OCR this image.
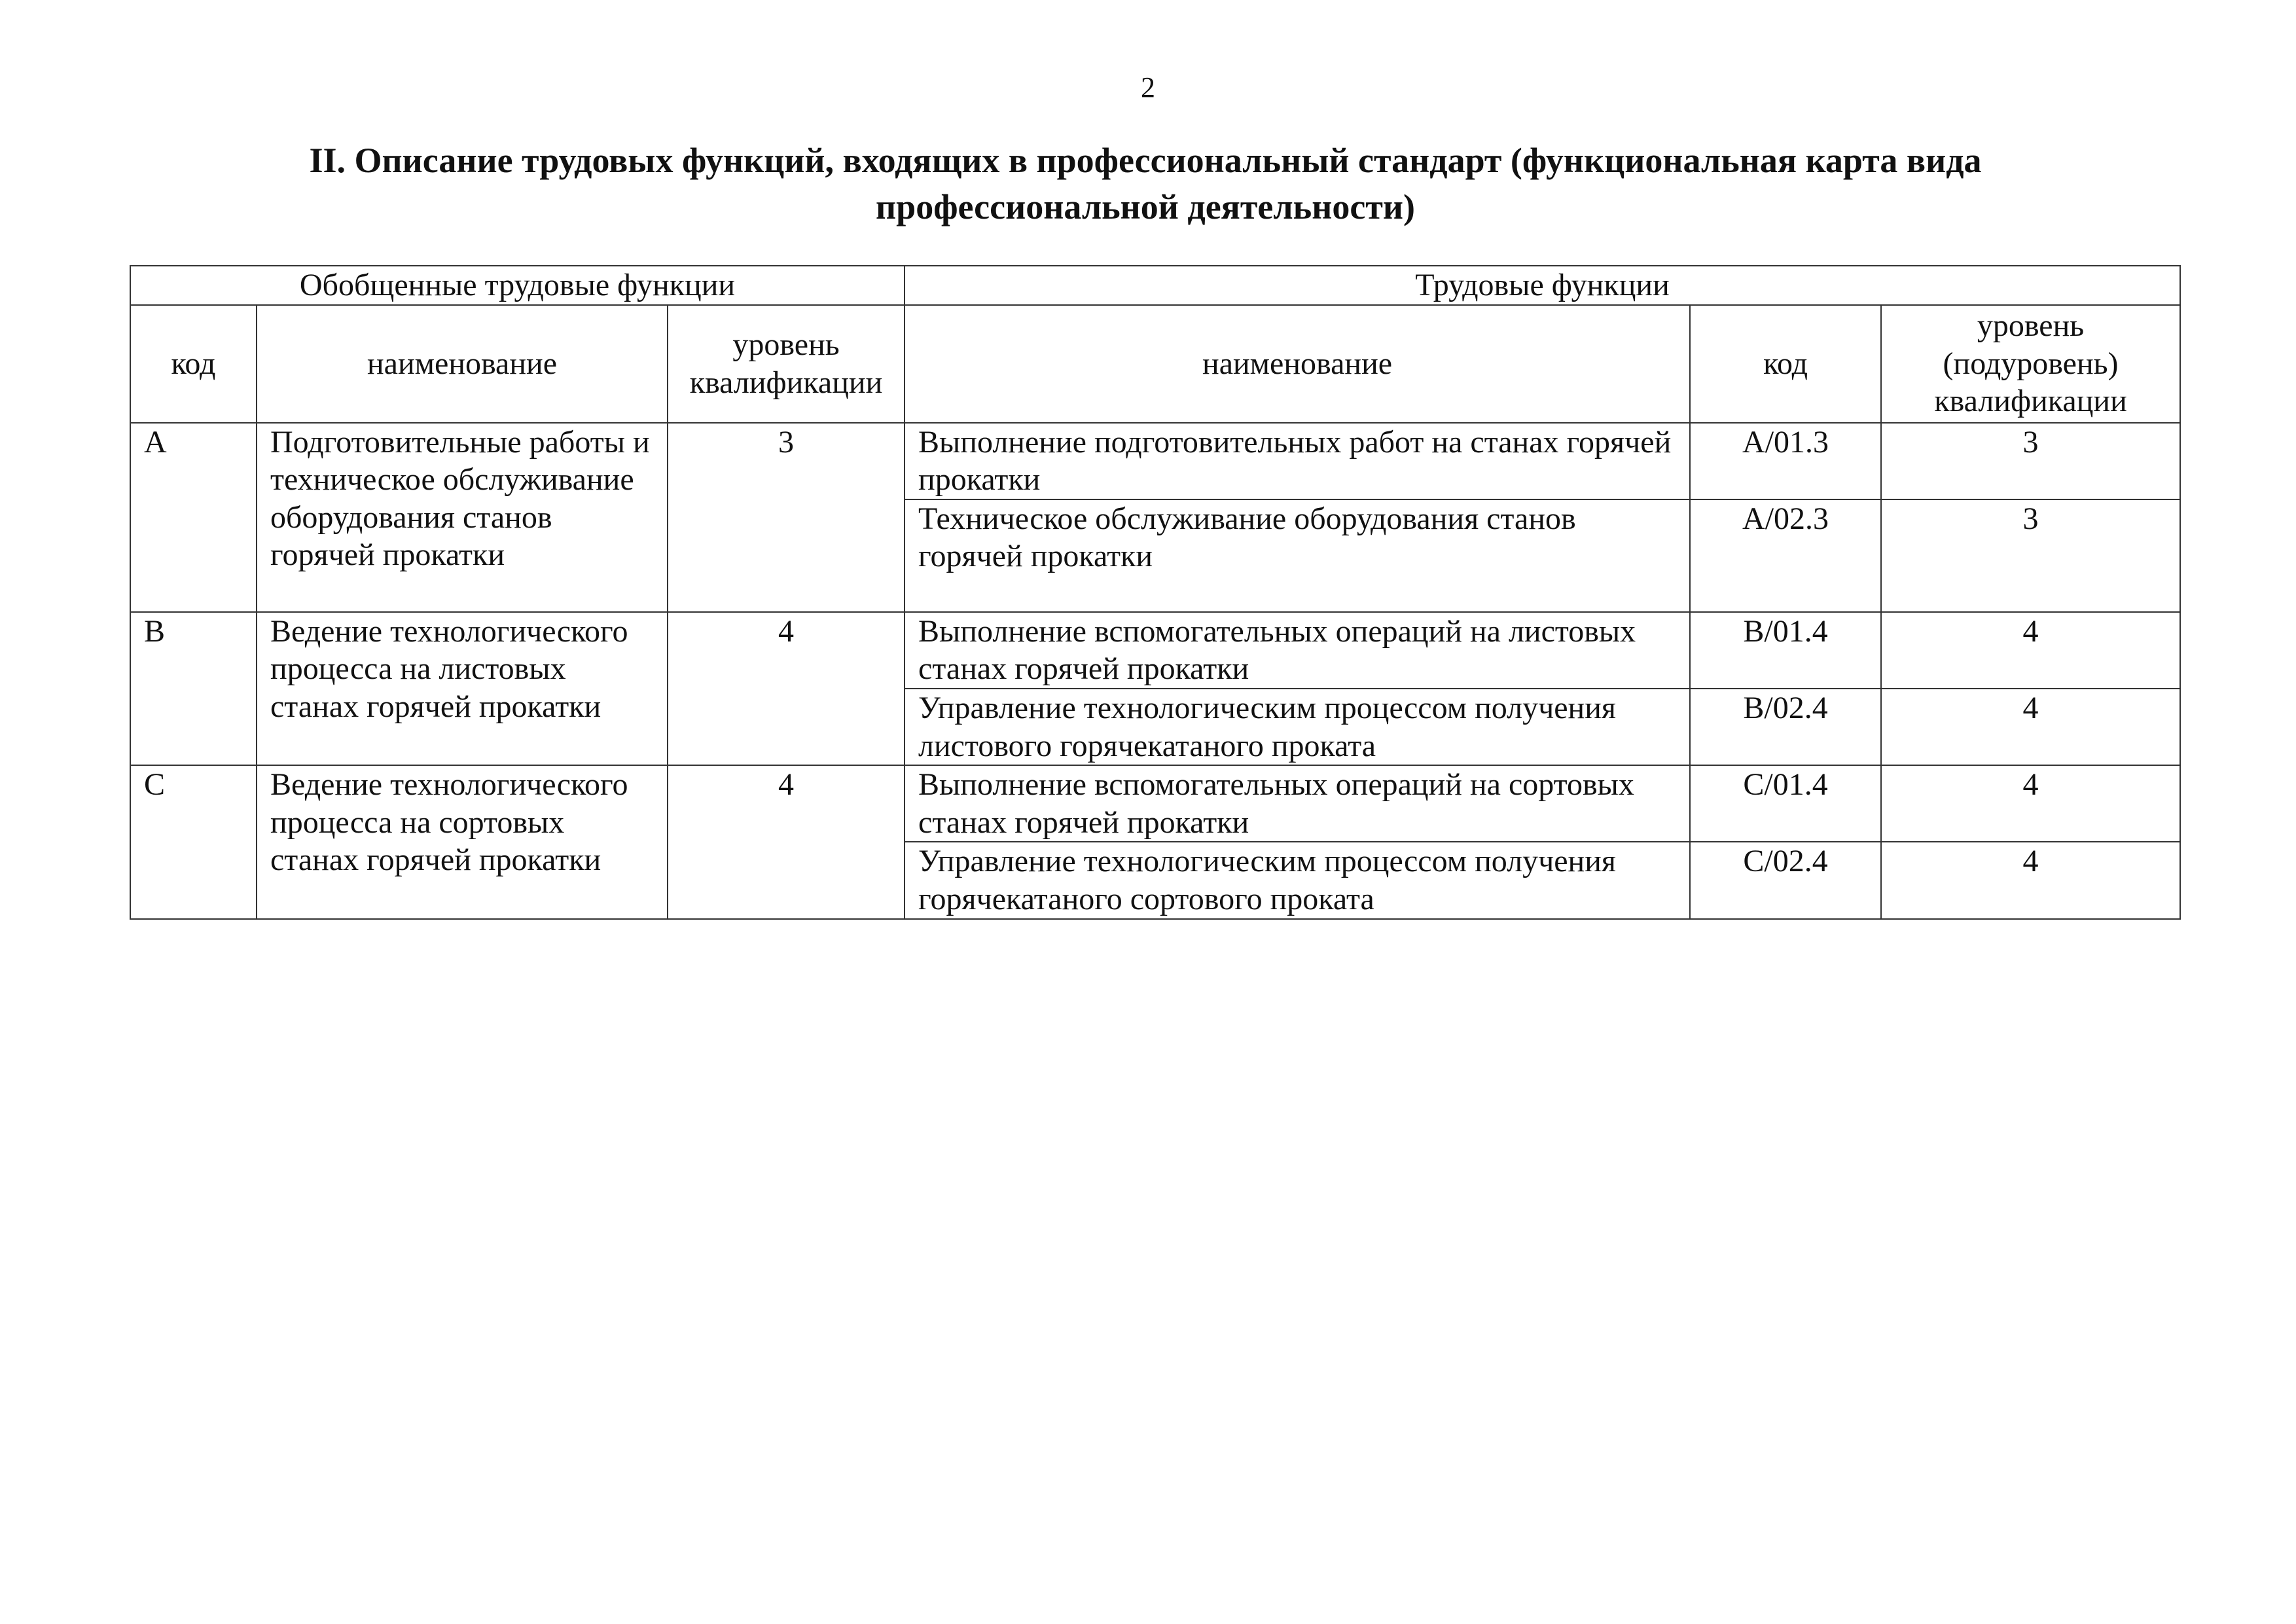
2
II. Описание трудовых функций, входящих в профессиональный стандарт (функциональная карта вида профессиональной деятельности)
Обобщенные трудовые функции			Трудовые функции		
код	наименование	уровень квалификации	наименование	код	уровень (подуровень) квалификации
A	Подготовительные работы и техническое обслуживание оборудования станов горячей прокатки	3	Выполнение подготовительных работ на станах горячей прокатки	A/01.3	3
			Техническое обслуживание оборудования станов горячей прокатки	A/02.3	3
B	Ведение технологического процесса на листовых станах горячей прокатки	4	Выполнение вспомогательных операций на листовых станах горячей прокатки	B/01.4	4
			Управление технологическим процессом получения листового горячекатаного проката	B/02.4	4
C	Ведение технологического процесса на сортовых станах горячей прокатки	4	Выполнение вспомогательных операций на сортовых станах горячей прокатки	C/01.4	4
			Управление технологическим процессом получения горячекатаного сортового проката	C/02.4	4
